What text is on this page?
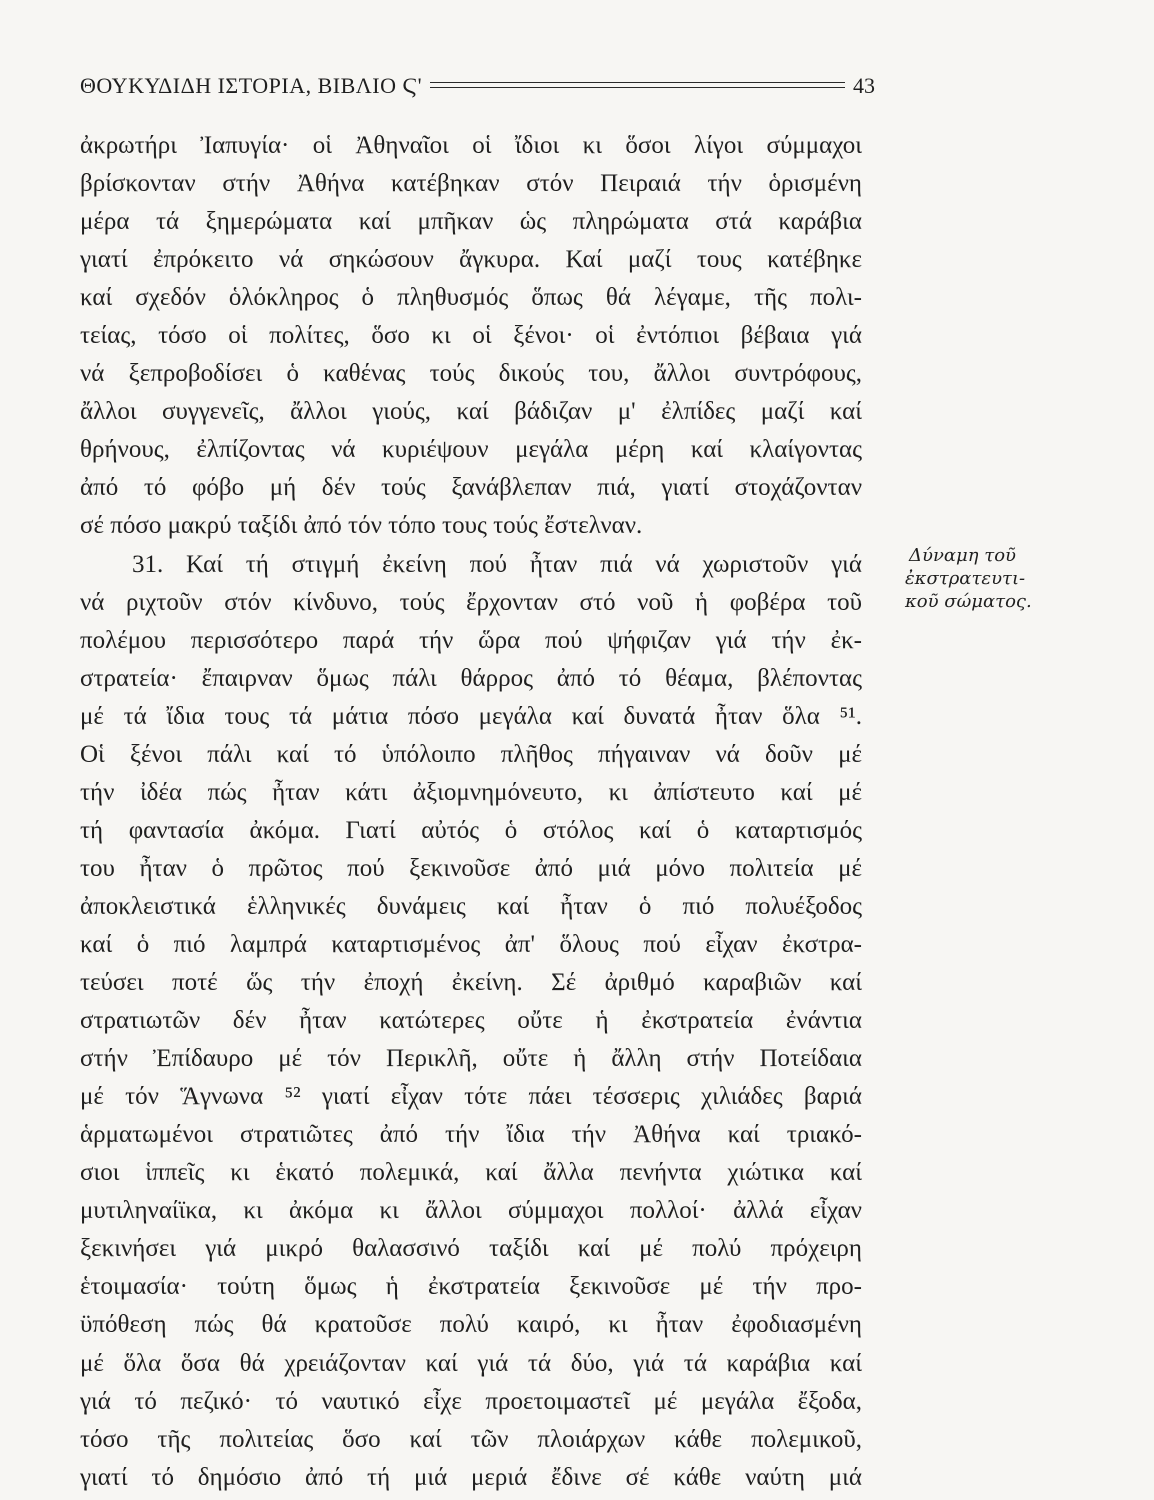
ΘΟΥΚΥΔΙΔΗ ΙΣΤΟΡΙΑ, ΒΙΒΛΙΟ Ϛ'	43
ἀκρωτήρι Ἰαπυγία· οἱ Ἀθηναῖοι οἱ ἴδιοι κι ὅσοι λίγοι σύμμαχοι
βρίσκονταν στήν Ἀθήνα κατέβηκαν στόν Πειραιά τήν ὁρισμένη
μέρα τά ξημερώματα καί μπῆκαν ὡς πληρώματα στά καράβια
γιατί ἐπρόκειτο νά σηκώσουν ἄγκυρα. Καί μαζί τους κατέβηκε
καί σχεδόν ὁλόκληρος ὁ πληθυσμός ὅπως θά λέγαμε, τῆς πολι-
τείας, τόσο οἱ πολίτες, ὅσο κι οἱ ξένοι· οἱ ἐντόπιοι βέβαια γιά
νά ξεπροβοδίσει ὁ καθένας τούς δικούς του, ἄλλοι συντρόφους,
ἄλλοι συγγενεῖς, ἄλλοι γιούς, καί βάδιζαν μ' ἐλπίδες μαζί καί
θρήνους, ἐλπίζοντας νά κυριέψουν μεγάλα μέρη καί κλαίγοντας
ἀπό τό φόβο μή δέν τούς ξανάβλεπαν πιά, γιατί στοχάζονταν
σέ πόσο μακρύ ταξίδι ἀπό τόν τόπο τους τούς ἔστελναν.
31. Καί τή στιγμή ἐκείνη πού ἦταν πιά νά χωριστοῦν γιά
νά ριχτοῦν στόν κίνδυνο, τούς ἔρχονταν στό νοῦ ἡ φοβέρα τοῦ
πολέμου περισσότερο παρά τήν ὥρα πού ψήφιζαν γιά τήν ἐκ-
στρατεία· ἔπαιρναν ὅμως πάλι θάρρος ἀπό τό θέαμα, βλέποντας
μέ τά ἴδια τους τά μάτια πόσο μεγάλα καί δυνατά ἦταν ὅλα ⁵¹.
Οἱ ξένοι πάλι καί τό ὑπόλοιπο πλῆθος πήγαιναν νά δοῦν μέ
τήν ἰδέα πώς ἦταν κάτι ἀξιομνημόνευτο, κι ἀπίστευτο καί μέ
τή φαντασία ἀκόμα. Γιατί αὐτός ὁ στόλος καί ὁ καταρτισμός
του ἦταν ὁ πρῶτος πού ξεκινοῦσε ἀπό μιά μόνο πολιτεία μέ
ἀποκλειστικά ἑλληνικές δυνάμεις καί ἦταν ὁ πιό πολυέξοδος
καί ὁ πιό λαμπρά καταρτισμένος ἀπ' ὅλους πού εἶχαν ἐκστρα-
τεύσει ποτέ ὥς τήν ἐποχή ἐκείνη. Σέ ἀριθμό καραβιῶν καί
στρατιωτῶν δέν ἦταν κατώτερες οὔτε ἡ ἐκστρατεία ἐνάντια
στήν Ἐπίδαυρο μέ τόν Περικλῆ, οὔτε ἡ ἄλλη στήν Ποτείδαια
μέ τόν Ἅγνωνα ⁵² γιατί εἶχαν τότε πάει τέσσερις χιλιάδες βαριά
ἁρματωμένοι στρατιῶτες ἀπό τήν ἴδια τήν Ἀθήνα καί τριακό-
σιοι ἱππεῖς κι ἑκατό πολεμικά, καί ἄλλα πενήντα χιώτικα καί
μυτιληναίϊκα, κι ἀκόμα κι ἄλλοι σύμμαχοι πολλοί· ἀλλά εἶχαν
ξεκινήσει γιά μικρό θαλασσινό ταξίδι καί μέ πολύ πρόχειρη
ἑτοιμασία· τούτη ὅμως ἡ ἐκστρατεία ξεκινοῦσε μέ τήν προ-
ϋπόθεση πώς θά κρατοῦσε πολύ καιρό, κι ἦταν ἐφοδιασμένη
μέ ὅλα ὅσα θά χρειάζονταν καί γιά τά δύο, γιά τά καράβια καί
γιά τό πεζικό· τό ναυτικό εἶχε προετοιμαστεῖ μέ μεγάλα ἔξοδα,
τόσο τῆς πολιτείας ὅσο καί τῶν πλοιάρχων κάθε πολεμικοῦ,
γιατί τό δημόσιο ἀπό τή μιά μεριά ἔδινε σέ κάθε ναύτη μιά
Δύναμη τοῦ
ἐκστρατευτι-
κοῦ σώματος.
